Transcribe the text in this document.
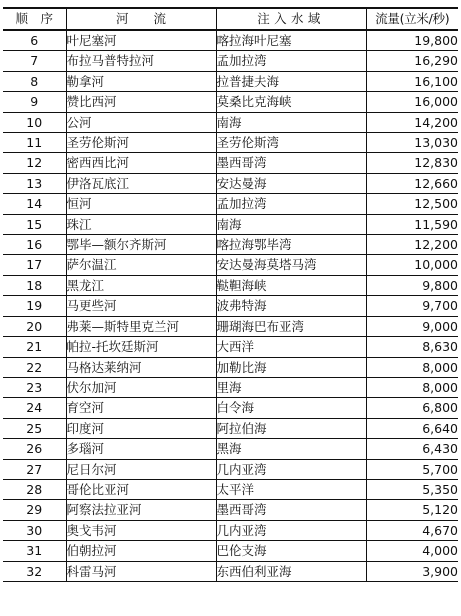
顺　序	河　　流	注入水域	流量(立米/秒)
6	叶尼塞河	喀拉海叶尼塞	19,800
7	布拉马普特拉河	孟加拉湾	16,290
8	勒拿河	拉普捷夫海	16,100
9	赞比西河	莫桑比克海峡	16,000
10	公河	南海	14,200
11	圣劳伦斯河	圣劳伦斯湾	13,030
12	密西西比河	墨西哥湾	12,830
13	伊洛瓦底江	安达曼海	12,660
14	恒河	孟加拉湾	12,500
15	珠江	南海	11,590
16	鄂毕—额尔齐斯河	喀拉海鄂毕湾	12,200
17	萨尔温江	安达曼海莫塔马湾	10,000
18	黑龙江	鞑靼海峡	9,800
19	马更些河	波弗特海	9,700
20	弗莱—斯特里克兰河	珊瑚海巴布亚湾	9,000
21	帕拉-托坎廷斯河	大西洋	8,630
22	马格达莱纳河	加勒比海	8,000
23	伏尔加河	里海	8,000
24	育空河	白令海	6,800
25	印度河	阿拉伯海	6,640
26	多瑙河	黑海	6,430
27	尼日尔河	几内亚湾	5,700
28	哥伦比亚河	太平洋	5,350
29	阿察法拉亚河	墨西哥湾	5,120
30	奥戈韦河	几内亚湾	4,670
31	伯朝拉河	巴伦支海	4,000
32	科雷马河	东西伯利亚海	3,900
